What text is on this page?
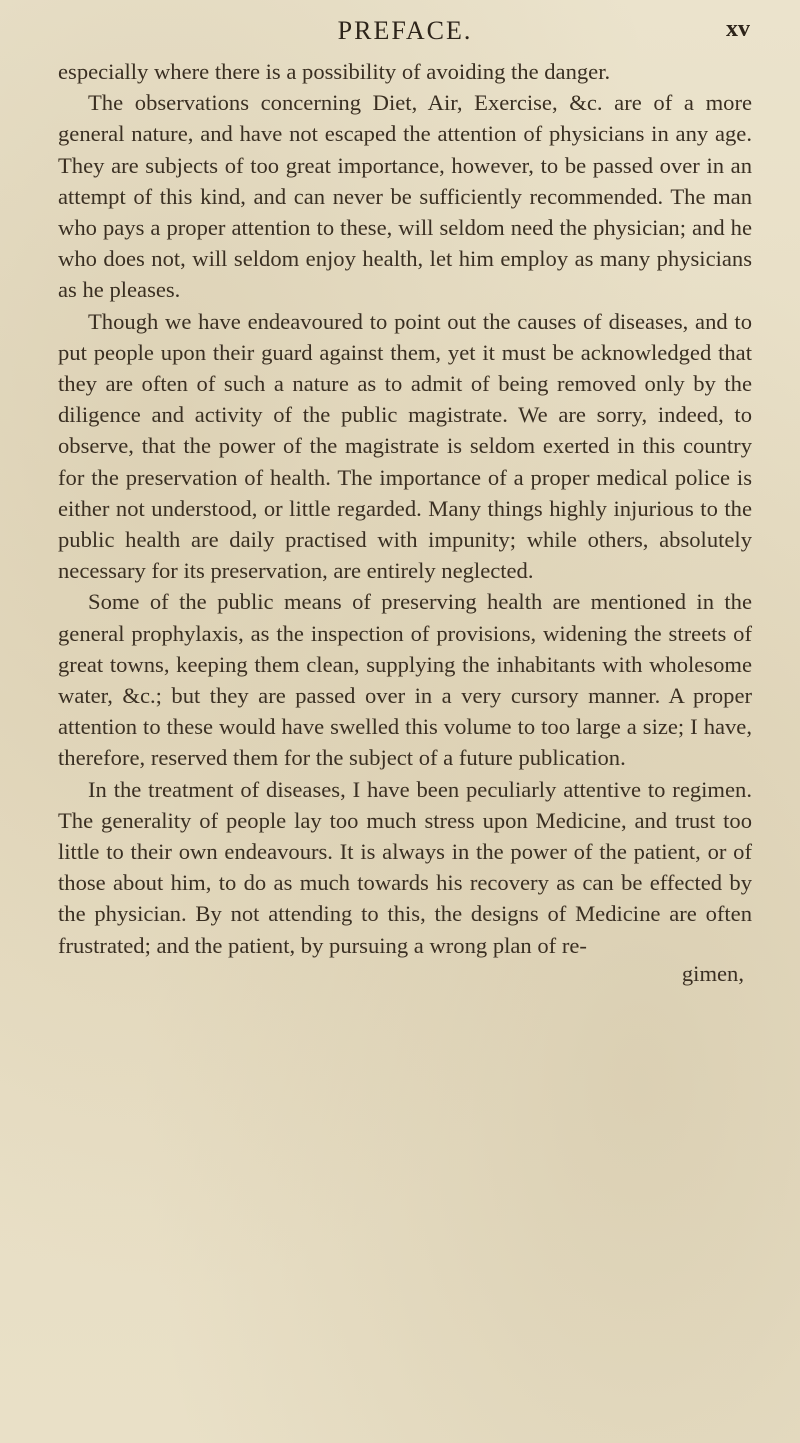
PREFACE.	xv

especially where there is a possibility of avoiding the danger.

The observations concerning Diet, Air, Exercise, &c. are of a more general nature, and have not escaped the attention of physicians in any age. They are subjects of too great importance, however, to be passed over in an attempt of this kind, and can never be sufficiently recommended. The man who pays a proper attention to these, will seldom need the physician; and he who does not, will seldom enjoy health, let him employ as many physicians as he pleases.

Though we have endeavoured to point out the causes of diseases, and to put people upon their guard against them, yet it must be acknowledged that they are often of such a nature as to admit of being removed only by the diligence and activity of the public magistrate. We are sorry, indeed, to observe, that the power of the magistrate is seldom exerted in this country for the preservation of health. The importance of a proper medical police is either not understood, or little regarded. Many things highly injurious to the public health are daily practised with impunity; while others, absolutely necessary for its preservation, are entirely neglected.

Some of the public means of preserving health are mentioned in the general prophylaxis, as the inspection of provisions, widening the streets of great towns, keeping them clean, supplying the inhabitants with wholesome water, &c.; but they are passed over in a very cursory manner. A proper attention to these would have swelled this volume to too large a size; I have, therefore, reserved them for the subject of a future publication.

In the treatment of diseases, I have been peculiarly attentive to regimen. The generality of people lay too much stress upon Medicine, and trust too little to their own endeavours. It is always in the power of the patient, or of those about him, to do as much towards his recovery as can be effected by the physician. By not attending to this, the designs of Medicine are often frustrated; and the patient, by pursuing a wrong plan of re-

gimen,
